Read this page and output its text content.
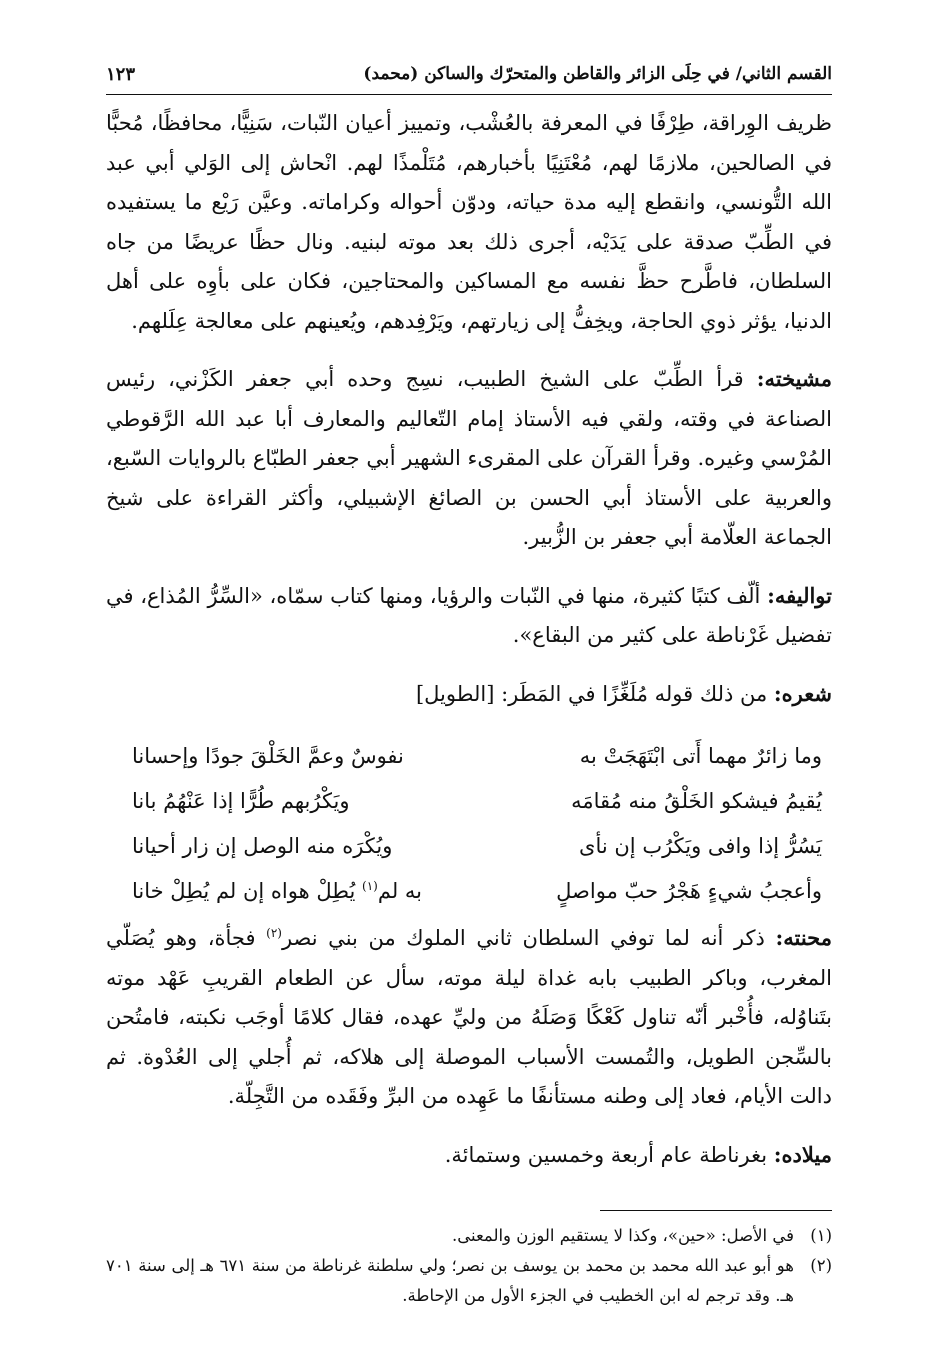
القسم الثاني/ في حِلَى الزائر والقاطن والمتحرّك والساكن (محمد)
١٢٣

ظريف الوِراقة، طِرْفًا في المعرفة بالعُشْب، وتمييز أعيان النّبات، سَنِيًّا، محافظًا، مُحبًّا في الصالحين، ملازمًا لهم، مُعْتَنِيًا بأخبارهم، مُتَلْمذًا لهم. انْحاش إلى الوَلي أبي عبد الله التُّونسي، وانقطع إليه مدة حياته، ودوّن أحواله وكراماته. وعيَّن رَيْع ما يستفيده في الطِّبّ صدقة على يَدَيْه، أجرى ذلك بعد موته لبنيه. ونال حظًا عريضًا من جاه السلطان، فاطَّرح حظَّ نفسه مع المساكين والمحتاجين، فكان على بأوِه على أهل الدنيا، يؤثر ذوي الحاجة، ويخِفُّ إلى زيارتهم، ويَرْفِدهم، ويُعينهم على معالجة عِلَلهم.

مشيخته: قرأ الطِّبّ على الشيخ الطبيب، نسِج وحده أبي جعفر الكَزْني، رئيس الصناعة في وقته، ولقي فيه الأستاذ إمام التّعاليم والمعارف أبا عبد الله الرَّقوطي المُرْسي وغيره. وقرأ القرآن على المقرىء الشهير أبي جعفر الطبّاع بالروايات السّبع، والعربية على الأستاذ أبي الحسن بن الصائغ الإشبيلي، وأكثر القراءة على شيخ الجماعة العلّامة أبي جعفر بن الزُّبير.

تواليفه: ألّف كتبًا كثيرة، منها في النّبات والرؤيا، ومنها كتاب سمّاه، «السِّرُّ المُذاع، في تفضيل غَرْناطة على كثير من البقاع».

شعره: من ذلك قوله مُلَغِّزًا في المَطَر: [الطويل]

وما زائرٌ مهما أَتى ابْتَهَجَتْ به
نفوسٌ وعمَّ الخَلْقَ جودًا وإحسانا
يُقيمُ فيشكو الخَلْقُ منه مُقامَه
ويَكْرُبهم طُرًّا إذا عَنْهُمُ بانا
يَسُرُّ إذا وافى ويَكْرُب إن نأى
ويُكْرَه منه الوصل إن زار أحيانا
وأعجبُ شيءٍ هَجْرُ حبّ مواصلٍ
به لم$^{(١)}$ يُطِلْ هواه إن لم يُطِلْ خانا

محنته: ذكر أنه لما توفي السلطان ثاني الملوك من بني نصر$^{(٢)}$ فجأة، وهو يُصَلّي المغرب، وباكر الطبيب بابه غداة ليلة موته، سأل عن الطعام القريبِ عَهْد موته بتَناوُله، فأُخْبر أنّه تناول كَعْكًا وَصَلَهُ من وليِّ عهده، فقال كلامًا أوجَب نكبته، فامتُحن بالسِّجن الطويل، والتُمست الأسباب الموصلة إلى هلاكه، ثم أُجلي إلى العُدْوة. ثم دالت الأيام، فعاد إلى وطنه مستأنفًا ما عَهِده من البرِّ وفَقَده من التَّجِلّة.

ميلاده: بغرناطة عام أربعة وخمسين وستمائة.

(١)
في الأصل: «حين»، وكذا لا يستقيم الوزن والمعنى.

(٢)
هو أبو عبد الله محمد بن محمد بن يوسف بن نصر؛ ولي سلطنة غرناطة من سنة ٦٧١ هـ إلى سنة ٧٠١ هـ. وقد ترجم له ابن الخطيب في الجزء الأول من الإحاطة.
